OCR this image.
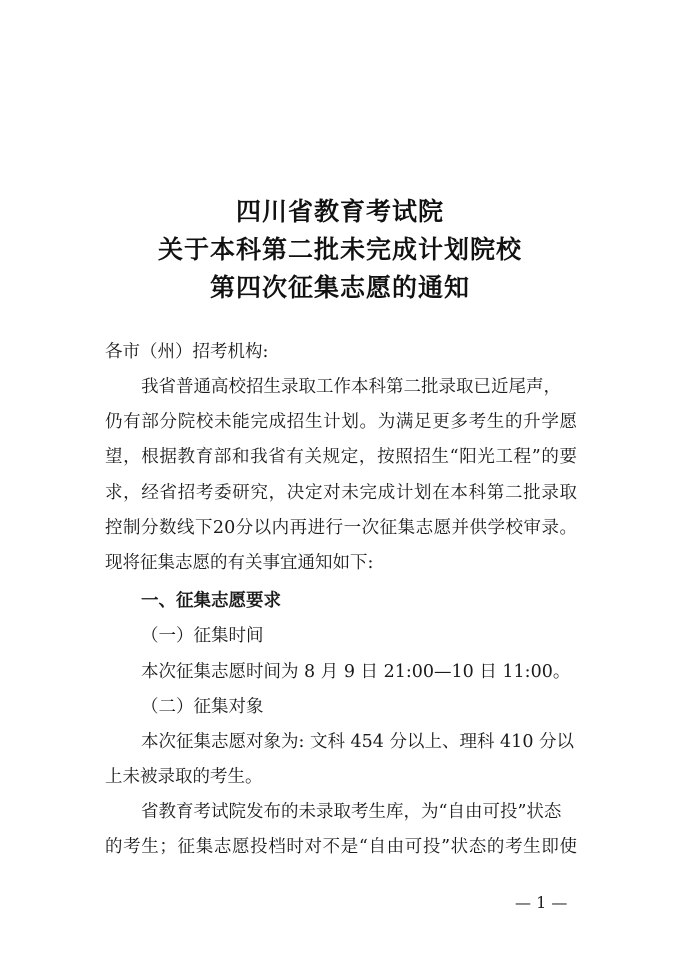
四川省教育考试院
关于本科第二批未完成计划院校
第四次征集志愿的通知
各市（州）招考机构:
我省普通高校招生录取工作本科第二批录取已近尾声，
仍有部分院校未能完成招生计划。为满足更多考生的升学愿
望，根据教育部和我省有关规定，按照招生“阳光工程”的要
求，经省招考委研究，决定对未完成计划在本科第二批录取
控制分数线下20分以内再进行一次征集志愿并供学校审录。
现将征集志愿的有关事宜通知如下:
一、征集志愿要求
（一）征集时间
本次征集志愿时间为 8 月 9 日 21:00—10 日 11:00。
（二）征集对象
本次征集志愿对象为: 文科 454 分以上、理科 410 分以
上未被录取的考生。
省教育考试院发布的未录取考生库，为“自由可投”状态
的考生；征集志愿投档时对不是“自由可投”状态的考生即使
— 1 —
